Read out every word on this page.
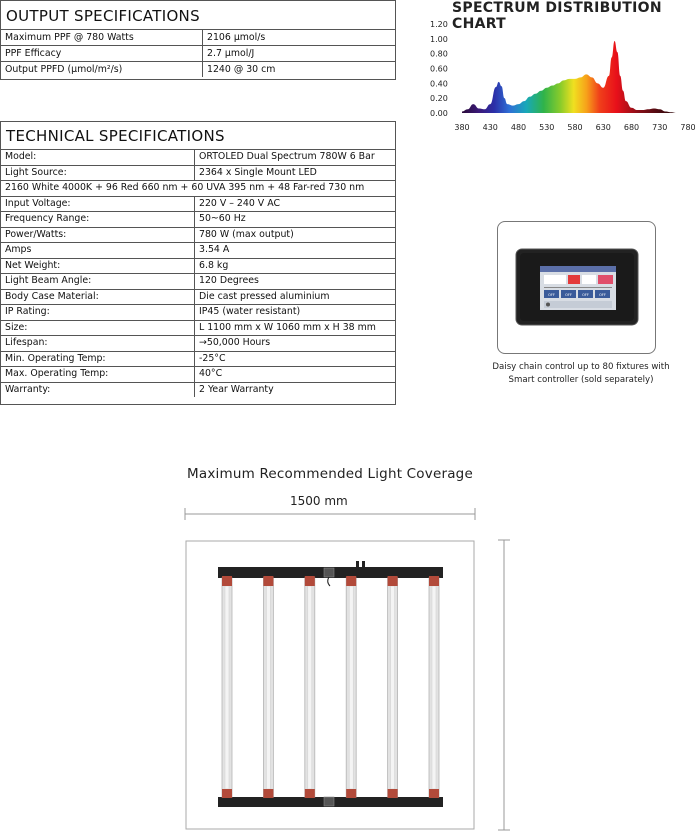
OUTPUT SPECIFICATIONS
Maximum PPF @ 780 Watts	2106 μmol/s
PPF Efficacy	2.7 μmol/J
Output PPFD (μmol/m²/s)	1240 @ 30 cm
TECHNICAL SPECIFICATIONS
Model:	ORTOLED Dual Spectrum 780W 6 Bar
Light Source:	2364 x Single Mount LED
2160 White 4000K + 96 Red 660 nm + 60 UVA 395 nm + 48 Far-red 730 nm	
Input Voltage:	220 V – 240 V AC
Frequency Range:	50~60 Hz
Power/Watts:	780 W (max output)
Amps	3.54 A
Net Weight:	6.8 kg
Light Beam Angle:	120 Degrees
Body Case Material:	Die cast pressed aluminium
IP Rating:	IP45 (water resistant)
Size:	L 1100 mm x W 1060 mm x H 38 mm
Lifespan:	→50,000 Hours
Min. Operating Temp:	-25°C
Max. Operating Temp:	40°C
Warranty:	2 Year Warranty
SPECTRUM DISTRIBUTION CHART
0.00
0.20
0.40
0.60
0.80
1.00
1.20
380 430 480 530 580 630 680 730 780
OFF	OFF	OFF	OFF
Daisy chain control up to 80 fixtures with
Smart controller (sold separately)
Maximum Recommended Light Coverage
1500 mm
